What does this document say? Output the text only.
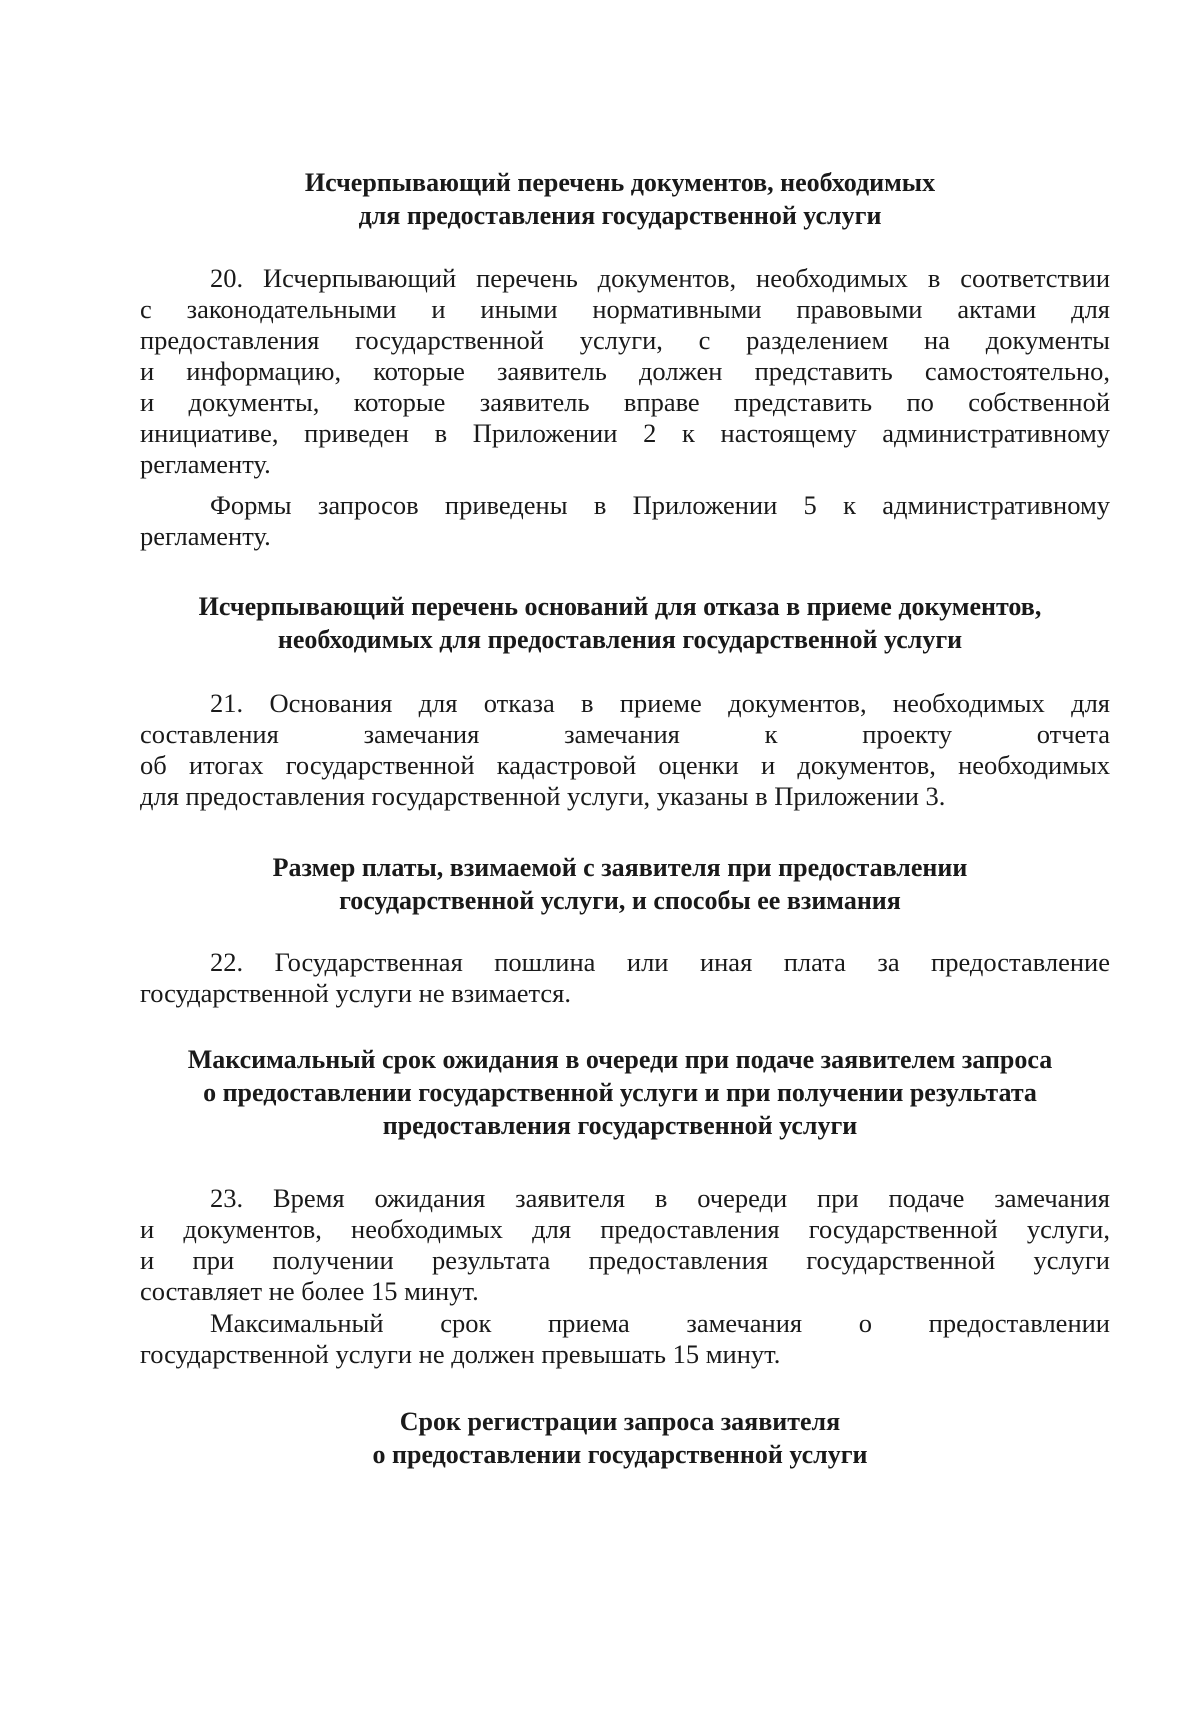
Исчерпывающий перечень документов, необходимых
для предоставления государственной услуги
20. Исчерпывающий перечень документов, необходимых в соответствии
с законодательными и иными нормативными правовыми актами для
предоставления государственной услуги, с разделением на документы
и информацию, которые заявитель должен представить самостоятельно,
и документы, которые заявитель вправе представить по собственной
инициативе, приведен в Приложении 2 к настоящему административному
регламенту.
Формы запросов приведены в Приложении 5 к административному
регламенту.
Исчерпывающий перечень оснований для отказа в приеме документов,
необходимых для предоставления государственной услуги
21. Основания для отказа в приеме документов, необходимых для
составления замечания замечания к проекту отчета
об итогах государственной кадастровой оценки и документов, необходимых
для предоставления государственной услуги, указаны в Приложении 3.
Размер платы, взимаемой с заявителя при предоставлении
государственной услуги, и способы ее взимания
22. Государственная пошлина или иная плата за предоставление
государственной услуги не взимается.
Максимальный срок ожидания в очереди при подаче заявителем запроса
о предоставлении государственной услуги и при получении результата
предоставления государственной услуги
23. Время ожидания заявителя в очереди при подаче замечания
и документов, необходимых для предоставления государственной услуги,
и при получении результата предоставления государственной услуги
составляет не более 15 минут.
Максимальный срок приема замечания о предоставлении
государственной услуги не должен превышать 15 минут.
Срок регистрации запроса заявителя
о предоставлении государственной услуги
